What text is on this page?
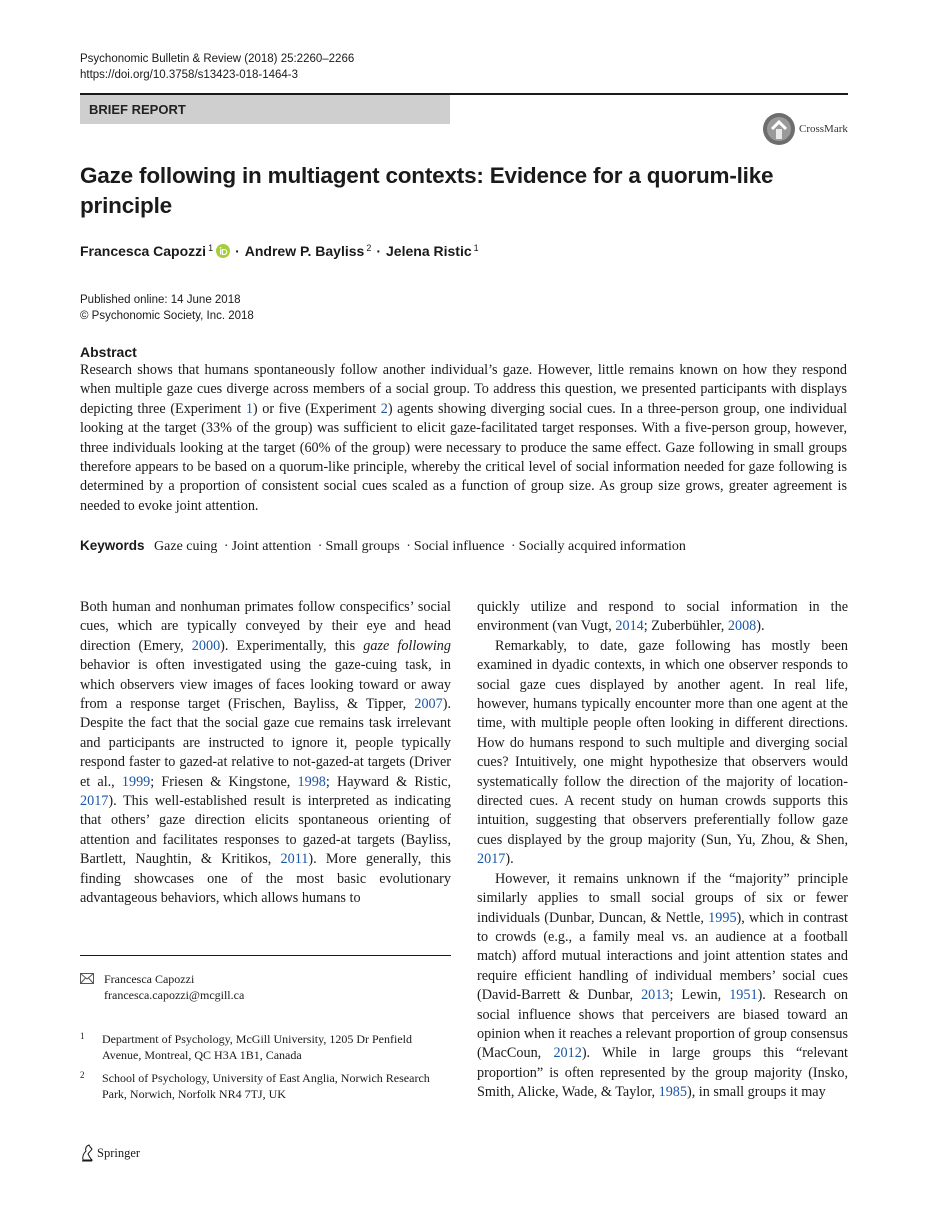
Psychonomic Bulletin & Review (2018) 25:2260–2266
https://doi.org/10.3758/s13423-018-1464-3
BRIEF REPORT
CrossMark
Gaze following in multiagent contexts: Evidence for a quorum-like principle
Francesca Capozzi$^1$ · Andrew P. Bayliss$^2$ · Jelena Ristic$^1$
Published online: 14 June 2018
© Psychonomic Society, Inc. 2018
Abstract
Research shows that humans spontaneously follow another individual’s gaze. However, little remains known on how they respond when multiple gaze cues diverge across members of a social group. To address this question, we presented participants with displays depicting three (Experiment 1) or five (Experiment 2) agents showing diverging social cues. In a three-person group, one individual looking at the target (33% of the group) was sufficient to elicit gaze-facilitated target responses. With a five-person group, however, three individuals looking at the target (60% of the group) were necessary to produce the same effect. Gaze following in small groups therefore appears to be based on a quorum-like principle, whereby the critical level of social information needed for gaze following is determined by a proportion of consistent social cues scaled as a function of group size. As group size grows, greater agreement is needed to evoke joint attention.
Keywords Gaze cuing · Joint attention · Small groups · Social influence · Socially acquired information

Both human and nonhuman primates follow conspecifics’ social cues, which are typically conveyed by their eye and head direction (Emery, 2000). Experimentally, this gaze following behavior is often investigated using the gaze-cuing task, in which observers view images of faces looking toward or away from a response target (Frischen, Bayliss, & Tipper, 2007). Despite the fact that the social gaze cue remains task irrelevant and participants are instructed to ignore it, people typically respond faster to gazed-at relative to not-gazed-at targets (Driver et al., 1999; Friesen & Kingstone, 1998; Hayward & Ristic, 2017). This well-established result is interpreted as indicating that others’ gaze direction elicits spontaneous orienting of attention and facilitates responses to gazed-at targets (Bayliss, Bartlett, Naughtin, & Kritikos, 2011). More generally, this finding showcases one of the most basic evolutionary advantageous behaviors, which allows humans to

quickly utilize and respond to social information in the environment (van Vugt, 2014; Zuberbühler, 2008).

Remarkably, to date, gaze following has mostly been examined in dyadic contexts, in which one observer responds to social gaze cues displayed by another agent. In real life, however, humans typically encounter more than one agent at the time, with multiple people often looking in different directions. How do humans respond to such multiple and diverging social cues? Intuitively, one might hypothesize that observers would systematically follow the direction of the majority of location-directed cues. A recent study on human crowds supports this intuition, suggesting that observers preferentially follow gaze cues displayed by the group majority (Sun, Yu, Zhou, & Shen, 2017).

However, it remains unknown if the “majority” principle similarly applies to small social groups of six or fewer individuals (Dunbar, Duncan, & Nettle, 1995), which in contrast to crowds (e.g., a family meal vs. an audience at a football match) afford mutual interactions and joint attention states and require efficient handling of individual members’ social cues (David-Barrett & Dunbar, 2013; Lewin, 1951). Research on social influence shows that perceivers are biased toward an opinion when it reaches a relevant proportion of group consensus (MacCoun, 2012). While in large groups this “relevant proportion” is often represented by the group majority (Insko, Smith, Alicke, Wade, & Taylor, 1985), in small groups it may

Francesca Capozzi
francesca.capozzi@mcgill.ca
1	Department of Psychology, McGill University, 1205 Dr Penfield Avenue, Montreal, QC H3A 1B1, Canada
2	School of Psychology, University of East Anglia, Norwich Research Park, Norwich, Norfolk NR4 7TJ, UK
Springer
